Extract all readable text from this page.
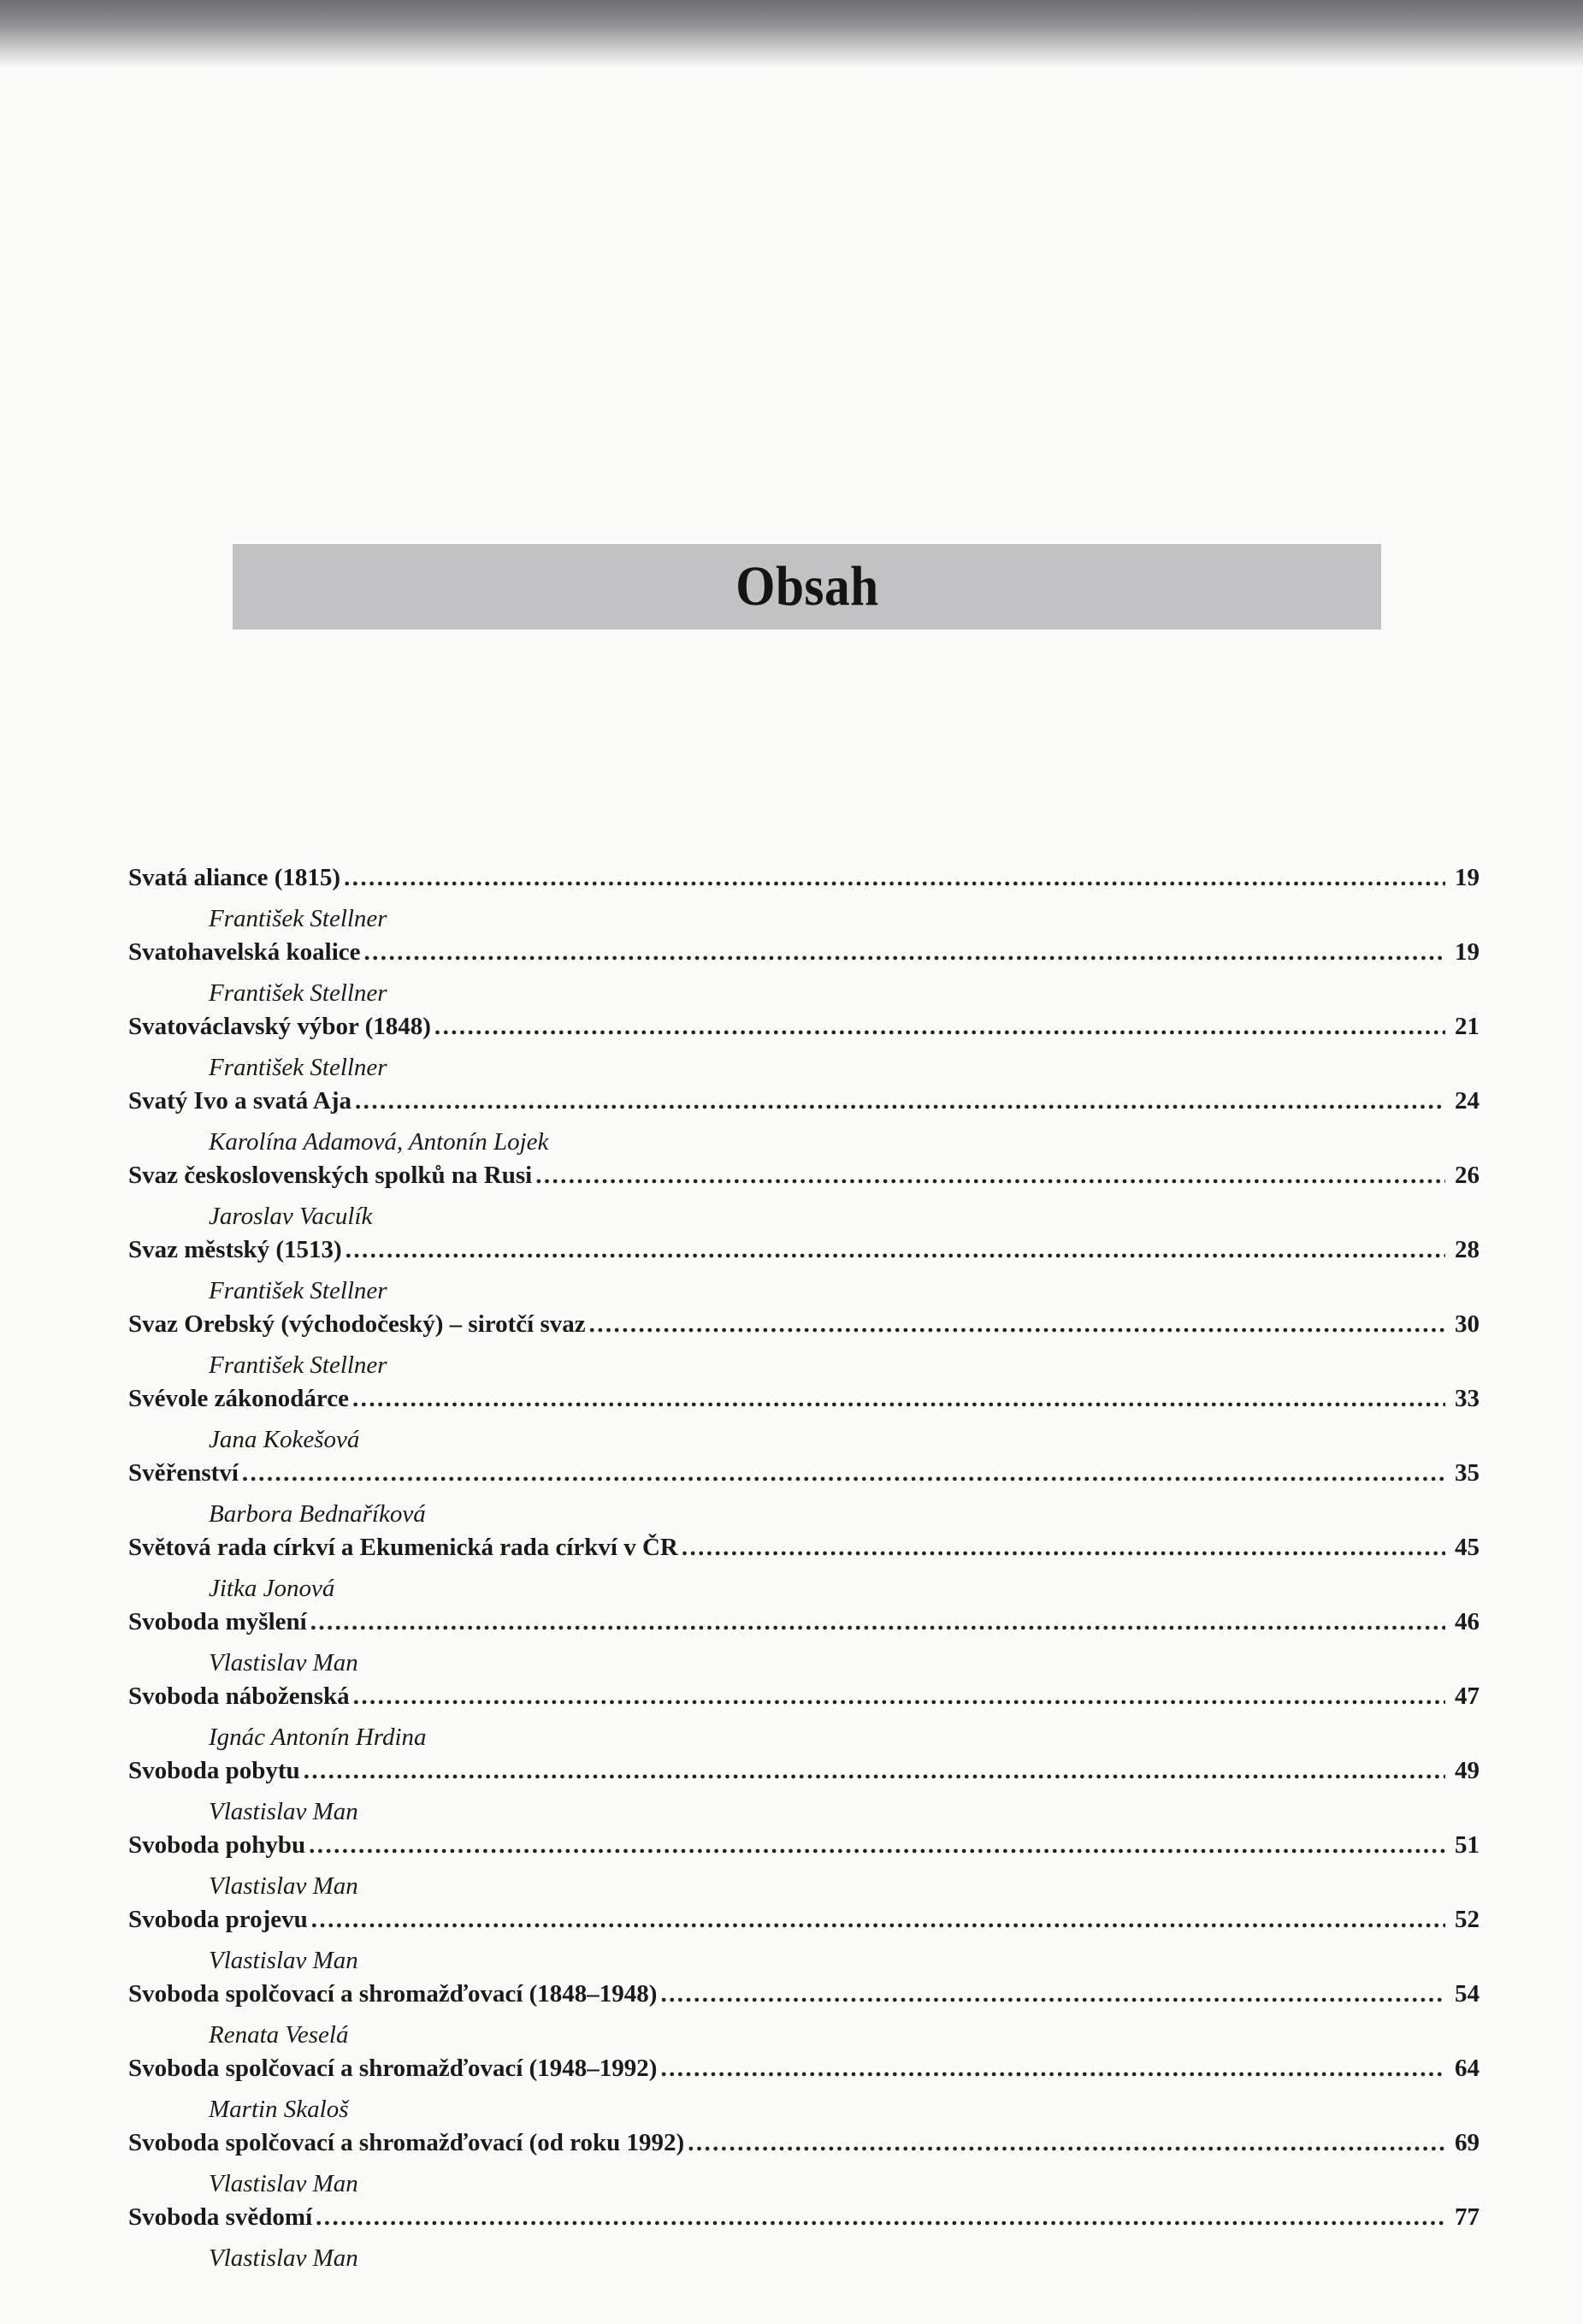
Obsah
Svatá aliance (1815) .....	19
František Stellner
Svatohavelská koalice .....	19
František Stellner
Svatováclavský výbor (1848) .....	21
František Stellner
Svatý Ivo a svatá Aja .....	24
Karolína Adamová, Antonín Lojek
Svaz československých spolků na Rusi .....	26
Jaroslav Vaculík
Svaz městský (1513) .....	28
František Stellner
Svaz Orebský (východočeský) – sirotčí svaz .....	30
František Stellner
Svévole zákonodárce .....	33
Jana Kokešová
Svěřenství .....	35
Barbora Bednaříková
Světová rada církví a Ekumenická rada církví v ČR .....	45
Jitka Jonová
Svoboda myšlení .....	46
Vlastislav Man
Svoboda náboženská .....	47
Ignác Antonín Hrdina
Svoboda pobytu .....	49
Vlastislav Man
Svoboda pohybu .....	51
Vlastislav Man
Svoboda projevu .....	52
Vlastislav Man
Svoboda spolčovací a shromažďovací (1848–1948) .....	54
Renata Veselá
Svoboda spolčovací a shromažďovací (1948–1992) .....	64
Martin Skaloš
Svoboda spolčovací a shromažďovací (od roku 1992) .....	69
Vlastislav Man
Svoboda svědomí .....	77
Vlastislav Man
